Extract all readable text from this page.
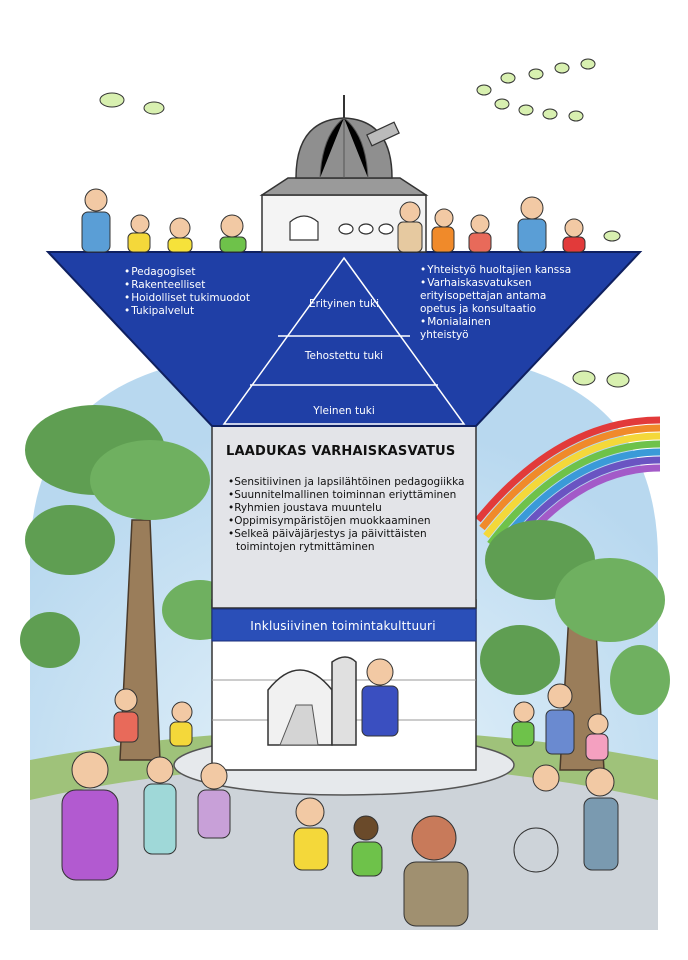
• Pedagogiset
• Rakenteelliset
• Hoidolliset tukimuodot
• Tukipalvelut
• Yhteistyö huoltajien kanssa
• Varhaiskasvatuksen erityisopettajan antama opetus ja konsultaatio
• Monialainen yhteistyö
Erityinen tuki
Tehostettu tuki
Yleinen tuki
LAADUKAS VARHAISKASVATUS
• Sensitiivinen ja lapsilähtöinen pedagogiikka
• Suunnitelmallinen toiminnan eriyttäminen
• Ryhmien joustava muuntelu
• Oppimisympäristöjen muokkaaminen
• Selkeä päiväjärjestys ja päivittäisten toimintojen rytmittäminen
Inklusiivinen toimintakulttuuri
